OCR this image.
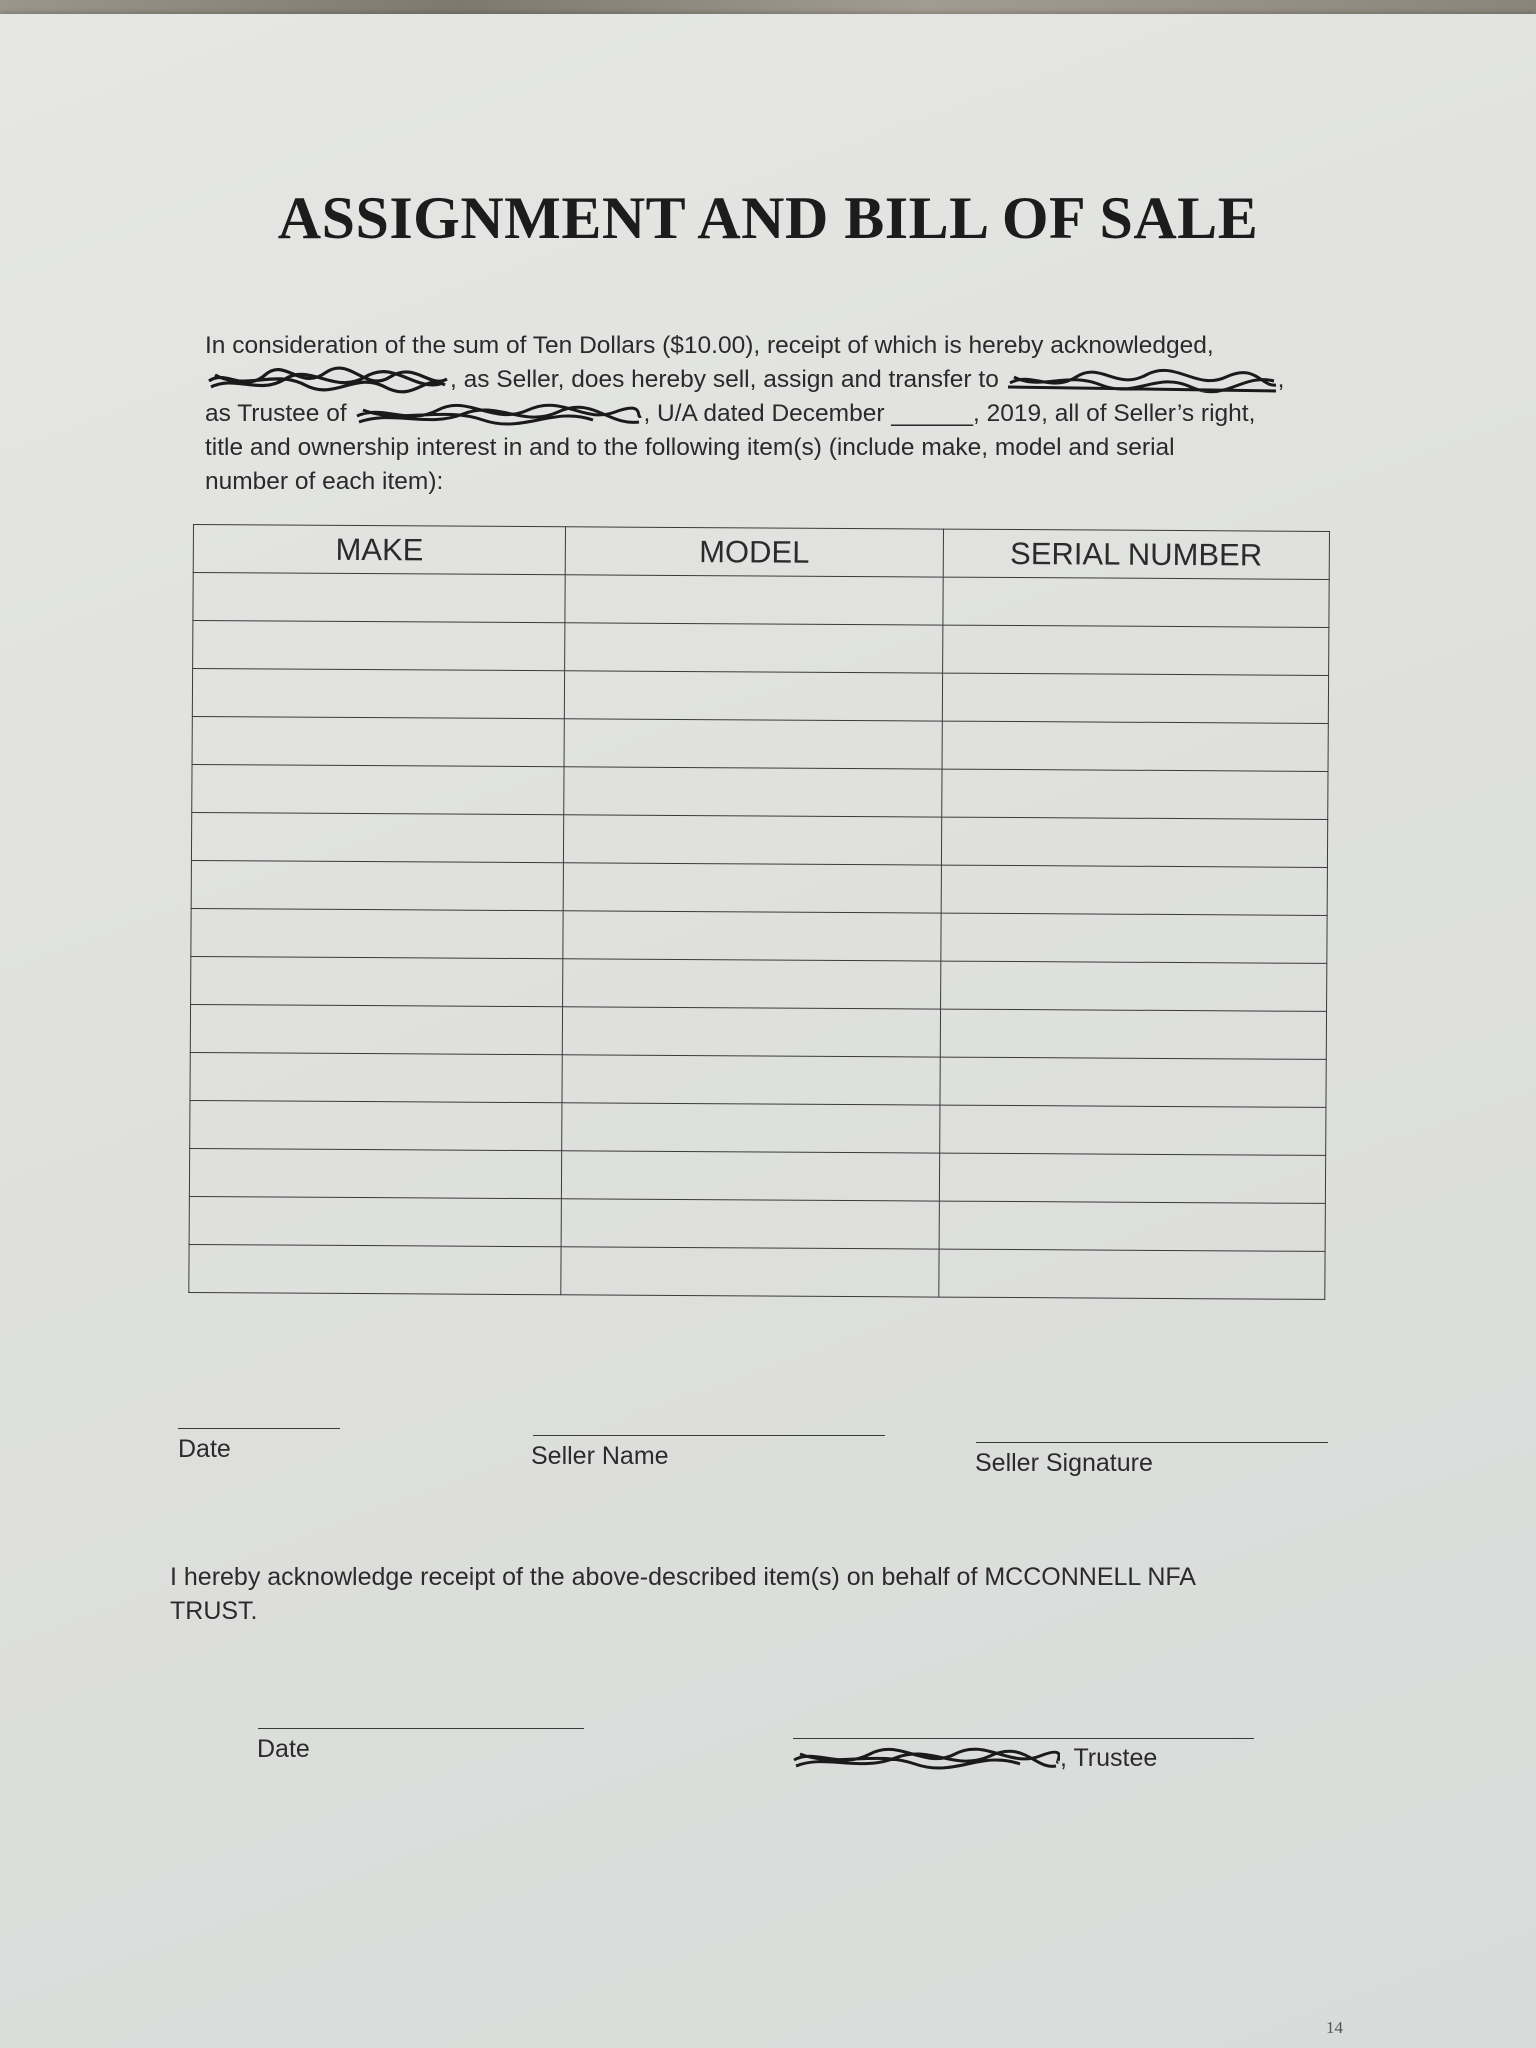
ASSIGNMENT AND BILL OF SALE
In consideration of the sum of Ten Dollars ($10.00), receipt of which is hereby acknowledged,
, as Seller, does hereby sell, assign and transfer to	,
as Trustee of	, U/A dated December ______, 2019, all of Seller’s right,
title and ownership interest in and to the following item(s) (include make, model and serial
number of each item):
MAKE	MODEL	SERIAL NUMBER

Date	Seller Name	Seller Signature
I hereby acknowledge receipt of the above-described item(s) on behalf of MCCONNELL NFA
TRUST.
Date	, Trustee
14
